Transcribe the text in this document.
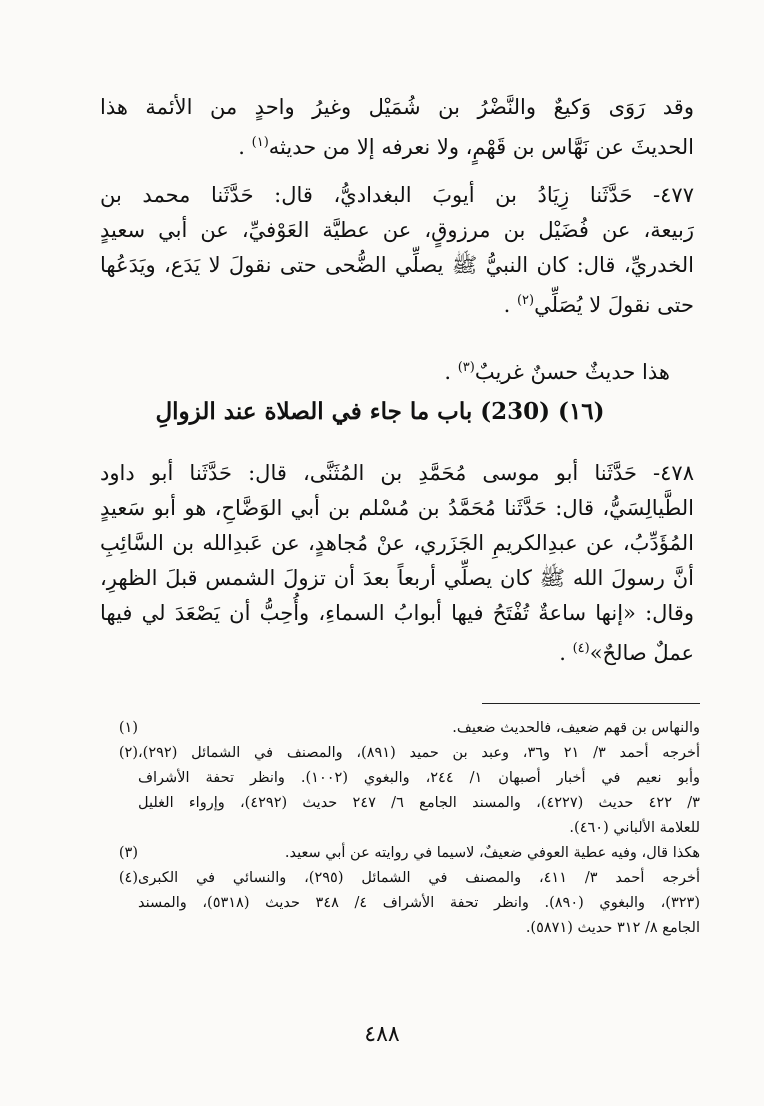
وقد رَوَى وَكيعٌ والنَّضْرُ بن شُمَيْل وغيرُ واحدٍ من الأئمة هذا
الحديثَ عن نَهَّاس بن قَهْمٍ، ولا نعرفه إلا من حديثه$^{(١)}$ .
٤٧٧- حَدَّثَنا زِيَادُ بن أيوبَ البغداديُّ، قال: حَدَّثَنا محمد بن
رَبيعة، عن فُضَيْل بن مرزوقٍ، عن عطيَّة العَوْفيِّ، عن أبي سعيدٍ
الخدريِّ، قال: كان النبيُّ ﷺ يصلِّي الضُّحى حتى نقولَ لا يَدَع، ويَدَعُها
حتى نقولَ لا يُصَلِّي$^{(٢)}$ .
هذا حديثٌ حسنٌ غريبٌ$^{(٣)}$ .
(١٦) (230) باب ما جاء في الصلاة عند الزوالِ
٤٧٨- حَدَّثَنا أبو موسى مُحَمَّدِ بن المُثَنَّى، قال: حَدَّثَنا أبو داود
الطَّيالِسَيُّ، قال: حَدَّثَنا مُحَمَّدُ بن مُسْلم بن أبي الوَضَّاحِ، هو أبو سَعيدٍ
المُؤَدِّبُ، عن عبدِالكريمِ الجَزَري، عنْ مُجاهدٍ، عن عَبدِالله بن السَّائِبِ
أنَّ رسولَ الله ﷺ كان يصلِّي أربعاً بعدَ أن تزولَ الشمس قبلَ الظهرِ،
وقال: «إنها ساعةٌ تُفْتَحُ فيها أبوابُ السماءِ، وأُحِبُّ أن يَصْعَدَ لي فيها
عملٌ صالحٌ»$^{(٤)}$ .
(١)	والنهاس بن قهم ضعيف، فالحديث ضعيف.
(٢) أخرجه أحمد ٣/ ٢١ و٣٦، وعبد بن حميد (٨٩١)، والمصنف في الشمائل (٢٩٢)،
وأبو نعيم في أخبار أصبهان ١/ ٢٤٤، والبغوي (١٠٠٢). وانظر تحفة الأشراف
٣/ ٤٢٢ حديث (٤٢٢٧)، والمسند الجامع ٦/ ٢٤٧ حديث (٤٢٩٢)، وإرواء الغليل
للعلامة الألباني (٤٦٠).
(٣)	هكذا قال، وفيه عطية العوفي ضعيفٌ، لاسيما في روايته عن أبي سعيد.
(٤) أخرجه أحمد ٣/ ٤١١، والمصنف في الشمائل (٢٩٥)، والنسائي في الكبرى
(٣٢٣)، والبغوي (٨٩٠). وانظر تحفة الأشراف ٤/ ٣٤٨ حديث (٥٣١٨)، والمسند
الجامع ٨/ ٣١٢ حديث (٥٨٧١).
٤٨٨
